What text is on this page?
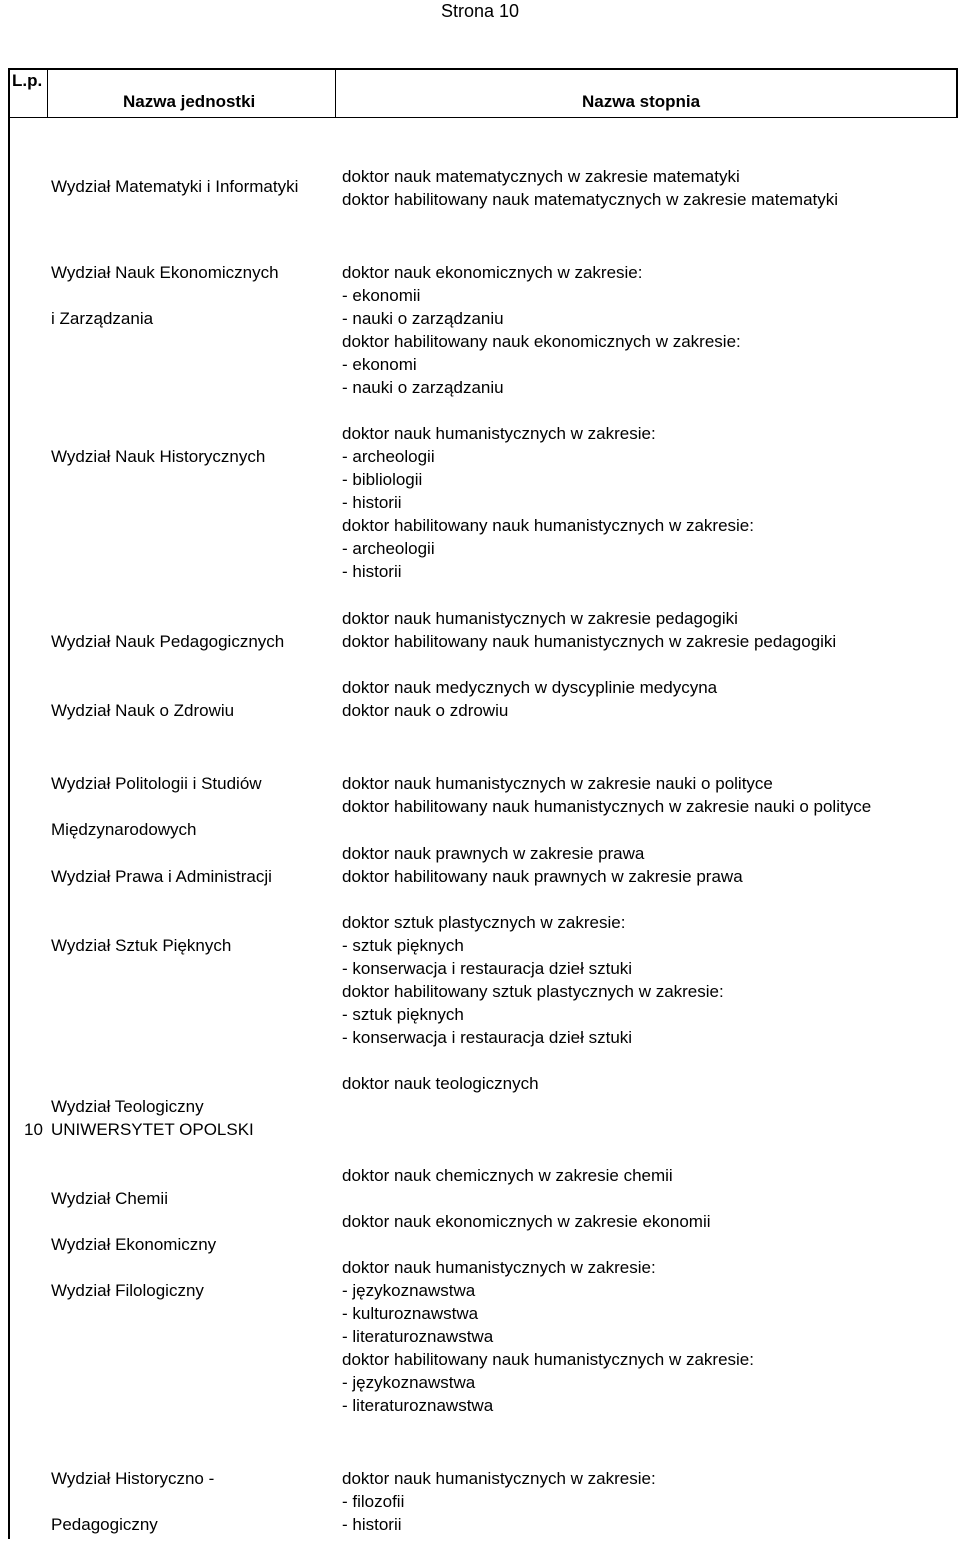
Strona 10
L.p.
Nazwa jednostki	Nazwa stopnia

Wydział Matematyki i Informatyki

doktor nauk matematycznych w zakresie matematyki
doktor habilitowany nauk matematycznych w zakresie matematyki

Wydział Nauk Ekonomicznych

i Zarządzania

doktor nauk ekonomicznych w zakresie:
- ekonomii
- nauki o zarządzaniu
doktor habilitowany nauk ekonomicznych w zakresie:
- ekonomi
- nauki o zarządzaniu

Wydział Nauk Historycznych

doktor nauk humanistycznych w zakresie:
- archeologii
- bibliologii
- historii
doktor habilitowany nauk humanistycznych w zakresie:
- archeologii
- historii

Wydział Nauk Pedagogicznych

doktor nauk humanistycznych w zakresie pedagogiki
doktor habilitowany nauk humanistycznych w zakresie pedagogiki

Wydział Nauk o Zdrowiu

doktor nauk medycznych w dyscyplinie medycyna
doktor nauk o zdrowiu

Wydział Politologii i Studiów

Międzynarodowych

doktor nauk humanistycznych w zakresie nauki o polityce
doktor habilitowany nauk humanistycznych w zakresie nauki o polityce

Wydział Prawa i Administracji

doktor nauk prawnych w zakresie prawa
doktor habilitowany nauk prawnych w zakresie prawa

Wydział Sztuk Pięknych

doktor sztuk plastycznych w zakresie:
- sztuk pięknych
- konserwacja i restauracja dzieł sztuki
doktor habilitowany sztuk plastycznych w zakresie:
- sztuk pięknych
- konserwacja i restauracja dzieł sztuki

Wydział Teologiczny

doktor nauk teologicznych
10 UNIWERSYTET OPOLSKI

Wydział Chemii

doktor nauk chemicznych w zakresie chemii

Wydział Ekonomiczny

doktor nauk ekonomicznych w zakresie ekonomii

Wydział Filologiczny

doktor nauk humanistycznych w zakresie:
- językoznawstwa
- kulturoznawstwa
- literaturoznawstwa
doktor habilitowany nauk humanistycznych w zakresie:
- językoznawstwa
- literaturoznawstwa

Wydział Historyczno -

Pedagogiczny

doktor nauk humanistycznych w zakresie:
- filozofii
- historii
